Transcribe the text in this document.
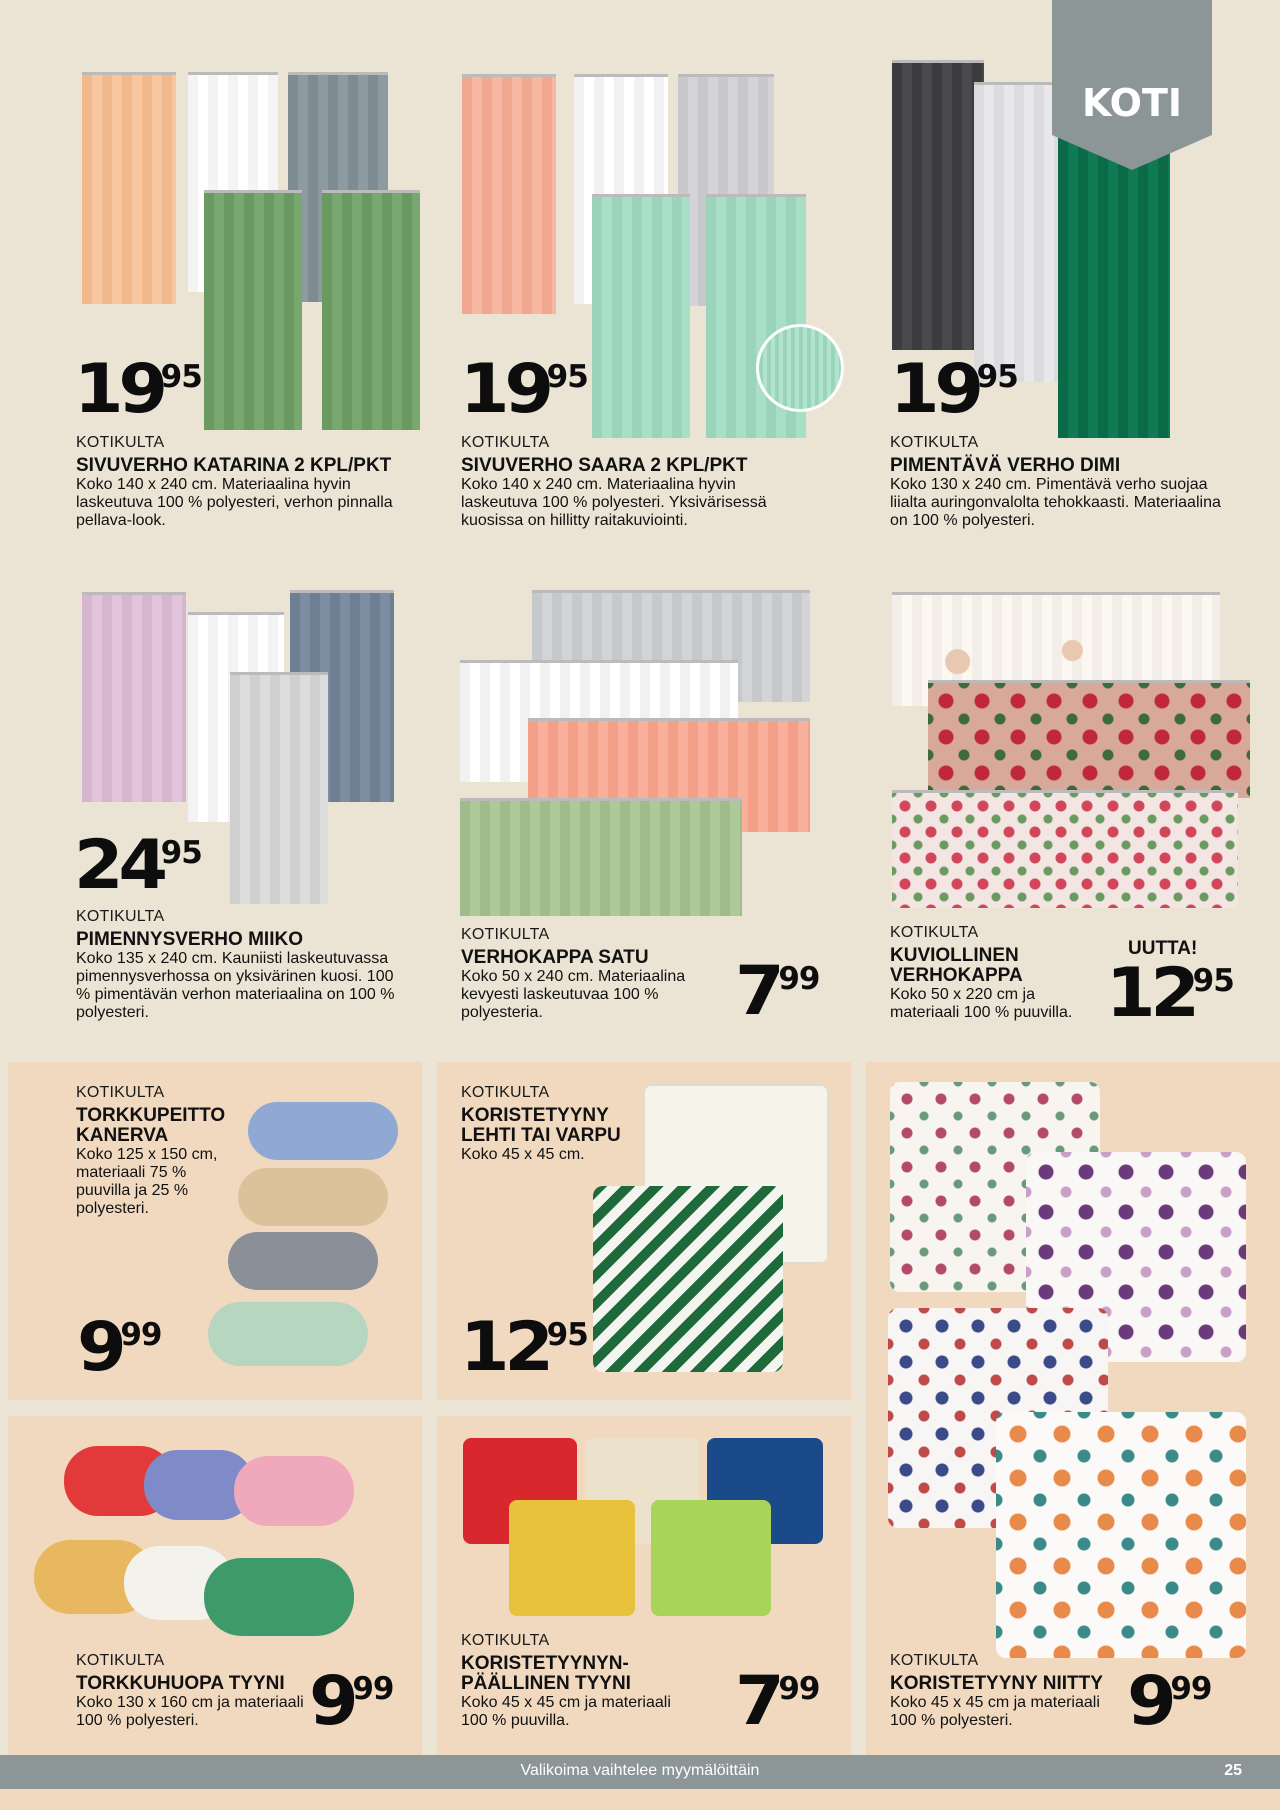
KOTI
1995
KOTIKULTA
SIVUVERHO KATARINA 2 KPL/PKT
Koko 140 x 240 cm. Materiaalina hyvin laskeutuva 100 % polyesteri, verhon pinnalla pellava-look.
1995
KOTIKULTA
SIVUVERHO SAARA 2 KPL/PKT
Koko 140 x 240 cm. Materiaalina hyvin laskeutuva 100 % polyesteri. Yksivärisessä kuosissa on hillitty raitakuviointi.
1995
KOTIKULTA
PIMENTÄVÄ VERHO DIMI
Koko 130 x 240 cm. Pimentävä verho suojaa liialta auringonvalolta tehokkaasti. Materiaalina on 100 % polyesteri.
2495
KOTIKULTA
PIMENNYSVERHO MIIKO
Koko 135 x 240 cm. Kauniisti laskeutuvassa pimennysverhossa on yksivärinen kuosi. 100 % pimentävän verhon materiaalina on 100 % polyesteri.
KOTIKULTA
VERHOKAPPA SATU
Koko 50 x 240 cm. Materiaalina kevyesti laskeutuvaa 100 % polyesteria.	799
KOTIKULTA
KUVIOLLINEN VERHOKAPPA
Koko 50 x 220 cm ja materiaali 100 % puuvilla.
UUTTA!
1295
KOTIKULTA
TORKKUPEITTO KANERVA
Koko 125 x 150 cm, materiaali 75 % puuvilla ja 25 % polyesteri.
999
KOTIKULTA
KORISTETYYNY LEHTI TAI VARPU
Koko 45 x 45 cm.
1295
KOTIKULTA
TORKKUHUOPA TYYNI
Koko 130 x 160 cm ja materiaali 100 % polyesteri.	999
KOTIKULTA
KORISTETYYNYN-PÄÄLLINEN TYYNI
Koko 45 x 45 cm ja materiaali 100 % puuvilla.	799
KOTIKULTA
KORISTETYYNY NIITTY
Koko 45 x 45 cm ja materiaali 100 % polyesteri.	999
Valikoima vaihtelee myymälöittäin	25
